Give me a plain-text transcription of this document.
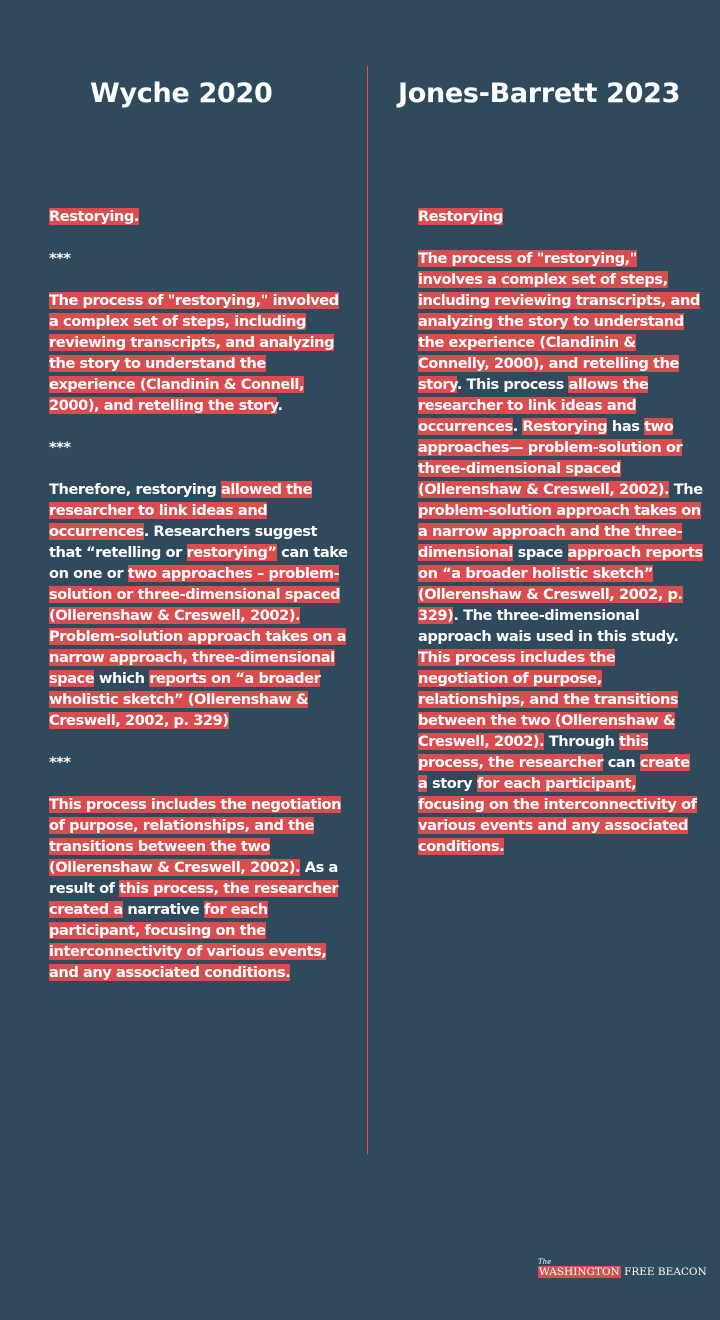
Wyche 2020	Jones-Barrett 2023

Restorying.

***

The process of "restorying," involved a complex set of steps, including reviewing transcripts, and analyzing the story to understand the experience (Clandinin & Connell, 2000), and retelling the story.

***

Therefore, restorying allowed the researcher to link ideas and occurrences. Researchers suggest that “retelling or restorying” can take on one or two approaches – problem-solution or three-dimensional spaced (Ollerenshaw & Creswell, 2002). Problem-solution approach takes on a narrow approach, three-dimensional space which reports on “a broader wholistic sketch” (Ollerenshaw & Creswell, 2002, p. 329)

***

This process includes the negotiation of purpose, relationships, and the transitions between the two (Ollerenshaw & Creswell, 2002). As a result of this process, the researcher created a narrative for each participant, focusing on the interconnectivity of various events, and any associated conditions.

Restorying

The process of "restorying," involves a complex set of steps, including reviewing transcripts, and analyzing the story to understand the experience (Clandinin & Connelly, 2000), and retelling the story. This process allows the researcher to link ideas and occurrences. Restorying has two approaches— problem-solution or three-dimensional spaced (Ollerenshaw & Creswell, 2002). The problem-solution approach takes on a narrow approach and the three-dimensional space approach reports on “a broader holistic sketch” (Ollerenshaw & Creswell, 2002, p. 329). The three-dimensional approach wais used in this study. This process includes the negotiation of purpose, relationships, and the transitions between the two (Ollerenshaw & Creswell, 2002). Through this process, the researcher can create a story for each participant, focusing on the interconnectivity of various events and any associated conditions.

The
WASHINGTON FREE BEACON
